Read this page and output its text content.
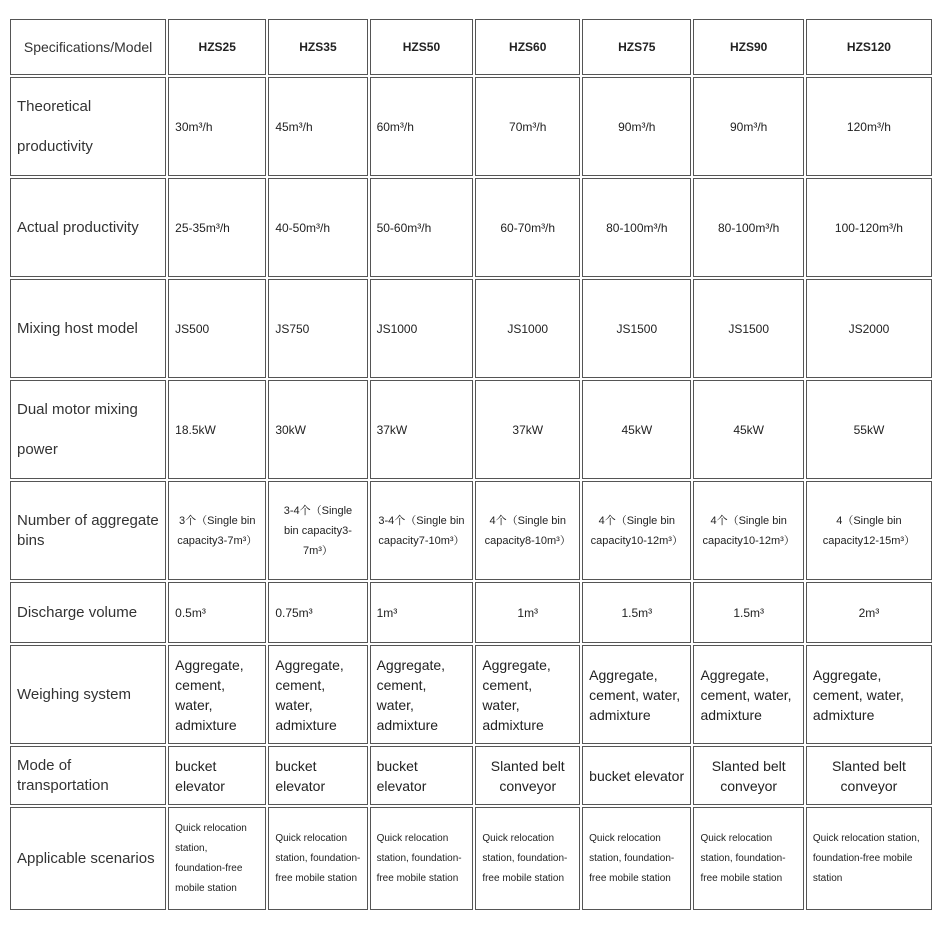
Specifications/Model	HZS25	HZS35	HZS50	HZS60	HZS75	HZS90	HZS120
Theoretical productivity	30m³/h	45m³/h	60m³/h	70m³/h	90m³/h	90m³/h	120m³/h
Actual productivity	25-35m³/h	40-50m³/h	50-60m³/h	60-70m³/h	80-100m³/h	80-100m³/h	100-120m³/h
Mixing host model	JS500	JS750	JS1000	JS1000	JS1500	JS1500	JS2000
Dual motor mixing power	18.5kW	30kW	37kW	37kW	45kW	45kW	55kW
Number of aggregate bins	3个（Single bin capacity3-7m³）	3-4个（Single bin capacity3-7m³）	3-4个（Single bin capacity7-10m³）	4个（Single bin capacity8-10m³）	4个（Single bin capacity10-12m³）	4个（Single bin capacity10-12m³）	4（Single bin capacity12-15m³）
Discharge volume	0.5m³	0.75m³	1m³	1m³	1.5m³	1.5m³	2m³
Weighing system	Aggregate, cement, water, admixture	Aggregate, cement, water, admixture	Aggregate, cement, water, admixture	Aggregate, cement, water, admixture	Aggregate, cement, water, admixture	Aggregate, cement, water, admixture	Aggregate, cement, water, admixture
Mode of transportation	bucket elevator	bucket elevator	bucket elevator	Slanted belt conveyor	bucket elevator	Slanted belt conveyor	Slanted belt conveyor
Applicable scenarios	Quick relocation station, foundation-free mobile station	Quick relocation station, foundation-free mobile station	Quick relocation station, foundation-free mobile station	Quick relocation station, foundation-free mobile station	Quick relocation station, foundation-free mobile station	Quick relocation station, foundation-free mobile station	Quick relocation station, foundation-free mobile station
